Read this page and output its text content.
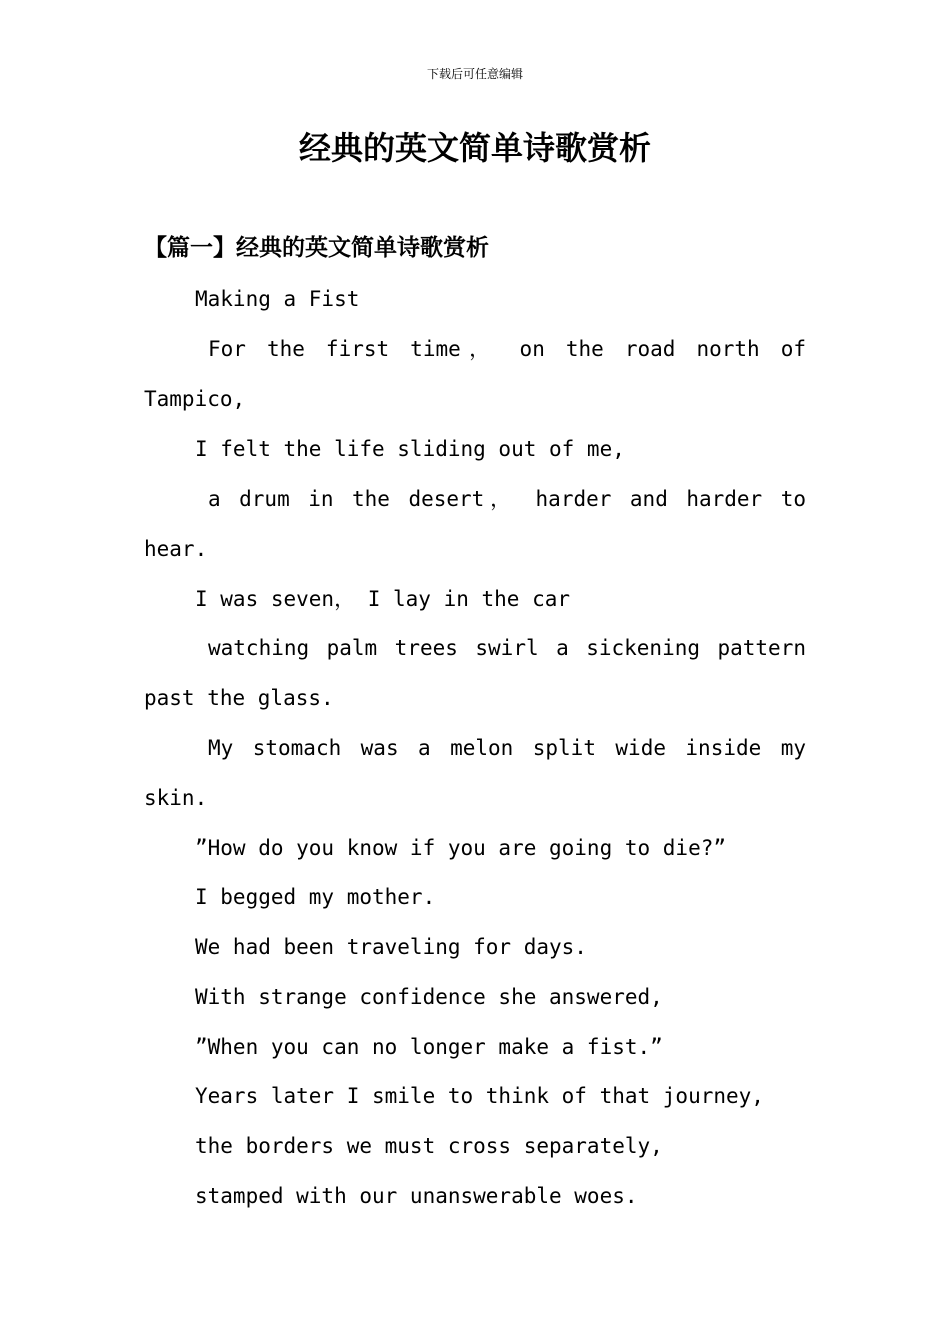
下载后可任意编辑
经典的英文简单诗歌赏析
【篇一】经典的英文简单诗歌赏析
Making a Fist
For the first time， on the road north of
Tampico,
I felt the life sliding out of me,
a drum in the desert， harder and harder to
hear.
I was seven， I lay in the car
watching palm trees swirl a sickening pattern
past the glass.
My stomach was a melon split wide inside my
skin.
”How do you know if you are going to die?”
I begged my mother.
We had been traveling for days.
With strange confidence she answered,
”When you can no longer make a fist.”
Years later I smile to think of that journey,
the borders we must cross separately,
stamped with our unanswerable woes.
